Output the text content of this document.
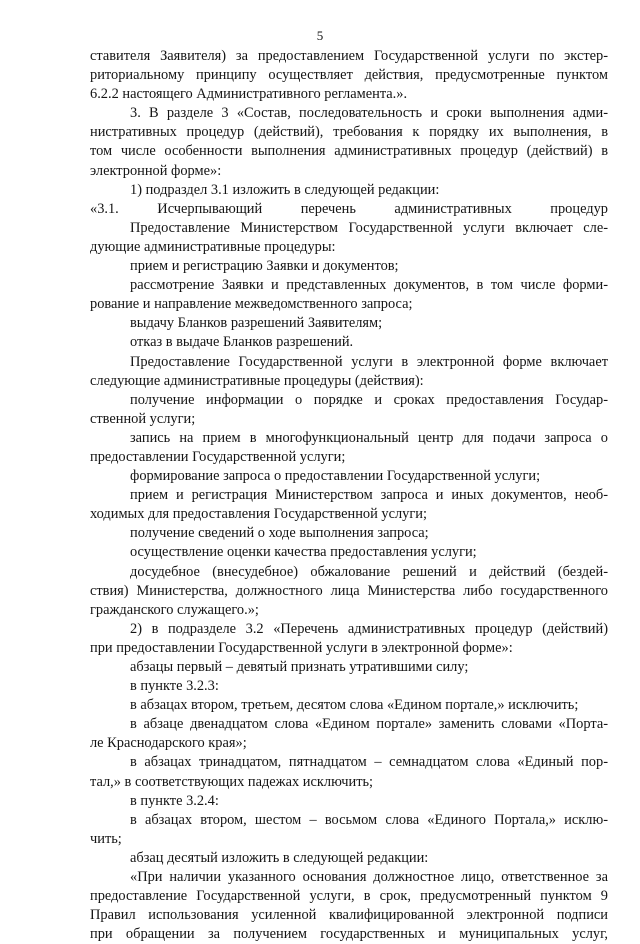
5
ставителя Заявителя) за предоставлением Государственной услуги по экстер-
риториальному принципу осуществляет действия, предусмотренные пунктом
6.2.2 настоящего Административного регламента.».
3. В разделе 3 «Состав, последовательность и сроки выполнения адми-
нистративных процедур (действий), требования к порядку их выполнения, в
том числе особенности выполнения административных процедур (действий) в
электронной форме»:
1) подраздел 3.1 изложить в следующей редакции:
«3.1. Исчерпывающий перечень административных процедур
Предоставление Министерством Государственной услуги включает сле-
дующие административные процедуры:
прием и регистрацию Заявки и документов;
рассмотрение Заявки и представленных документов, в том числе форми-
рование и направление межведомственного запроса;
выдачу Бланков разрешений Заявителям;
отказ в выдаче Бланков разрешений.
Предоставление Государственной услуги в электронной форме включает
следующие административные процедуры (действия):
получение информации о порядке и сроках предоставления Государ-
ственной услуги;
запись на прием в многофункциональный центр для подачи запроса о
предоставлении Государственной услуги;
формирование запроса о предоставлении Государственной услуги;
прием и регистрация Министерством запроса и иных документов, необ-
ходимых для предоставления Государственной услуги;
получение сведений о ходе выполнения запроса;
осуществление оценки качества предоставления услуги;
досудебное (внесудебное) обжалование решений и действий (бездей-
ствия) Министерства, должностного лица Министерства либо государственного
гражданского служащего.»;
2) в подразделе 3.2 «Перечень административных процедур (действий)
при предоставлении Государственной услуги в электронной форме»:
абзацы первый – девятый признать утратившими силу;
в пункте 3.2.3:
в абзацах втором, третьем, десятом слова «Едином портале,» исключить;
в абзаце двенадцатом слова «Едином портале» заменить словами «Порта-
ле Краснодарского края»;
в абзацах тринадцатом, пятнадцатом – семнадцатом слова «Единый пор-
тал,» в соответствующих падежах исключить;
в пункте 3.2.4:
в абзацах втором, шестом – восьмом слова «Единого Портала,» исклю-
чить;
абзац десятый изложить в следующей редакции:
«При наличии указанного основания должностное лицо, ответственное за
предоставление Государственной услуги, в срок, предусмотренный пунктом 9
Правил использования усиленной квалифицированной электронной подписи
при обращении за получением государственных и муниципальных услуг,
